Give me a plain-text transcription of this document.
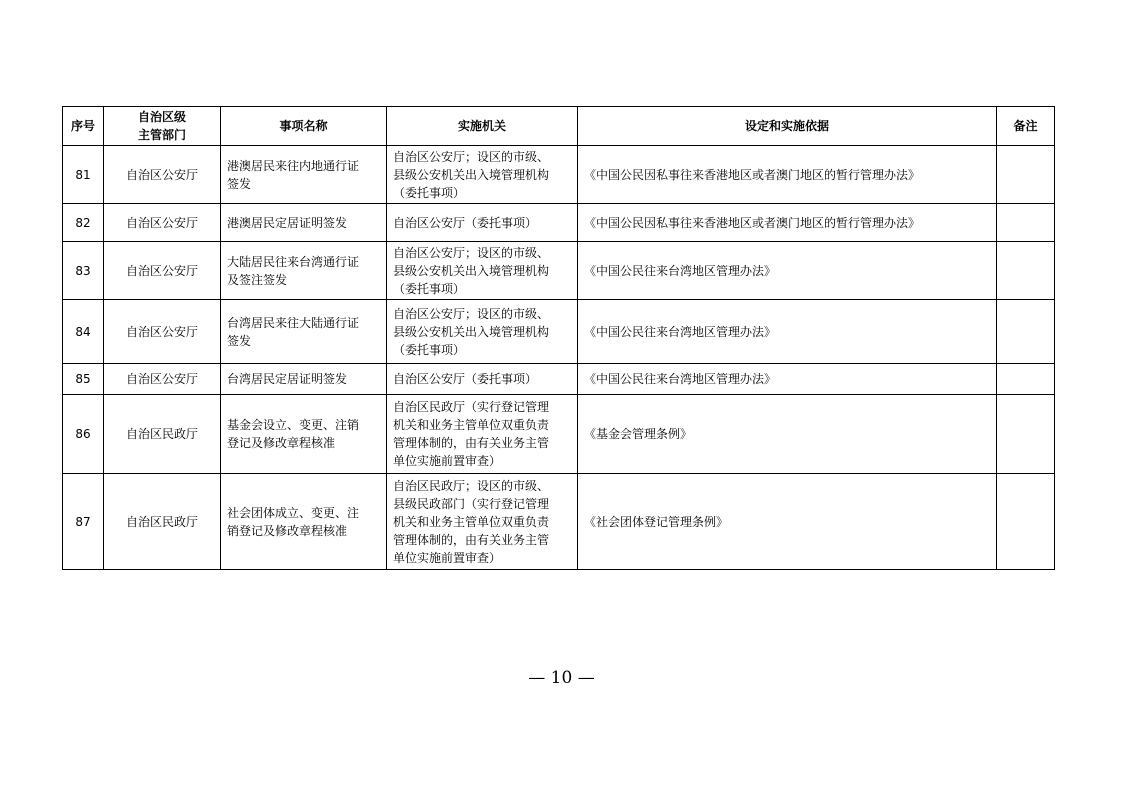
序号	自治区级
主管部门	事项名称	实施机关	设定和实施依据	备注
81	自治区公安厅	港澳居民来往内地通行证
签发	自治区公安厅；设区的市级、
县级公安机关出入境管理机构
（委托事项）	《中国公民因私事往来香港地区或者澳门地区的暂行管理办法》	
82	自治区公安厅	港澳居民定居证明签发	自治区公安厅（委托事项）	《中国公民因私事往来香港地区或者澳门地区的暂行管理办法》	
83	自治区公安厅	大陆居民往来台湾通行证
及签注签发	自治区公安厅；设区的市级、
县级公安机关出入境管理机构
（委托事项）	《中国公民往来台湾地区管理办法》	
84	自治区公安厅	台湾居民来往大陆通行证
签发	自治区公安厅；设区的市级、
县级公安机关出入境管理机构
（委托事项）	《中国公民往来台湾地区管理办法》	
85	自治区公安厅	台湾居民定居证明签发	自治区公安厅（委托事项）	《中国公民往来台湾地区管理办法》	
86	自治区民政厅	基金会设立、变更、注销
登记及修改章程核准	自治区民政厅（实行登记管理
机关和业务主管单位双重负责
管理体制的，由有关业务主管
单位实施前置审查）	《基金会管理条例》	
87	自治区民政厅	社会团体成立、变更、注
销登记及修改章程核准	自治区民政厅；设区的市级、
县级民政部门（实行登记管理
机关和业务主管单位双重负责
管理体制的，由有关业务主管
单位实施前置审查）	《社会团体登记管理条例》	
— 10 —
